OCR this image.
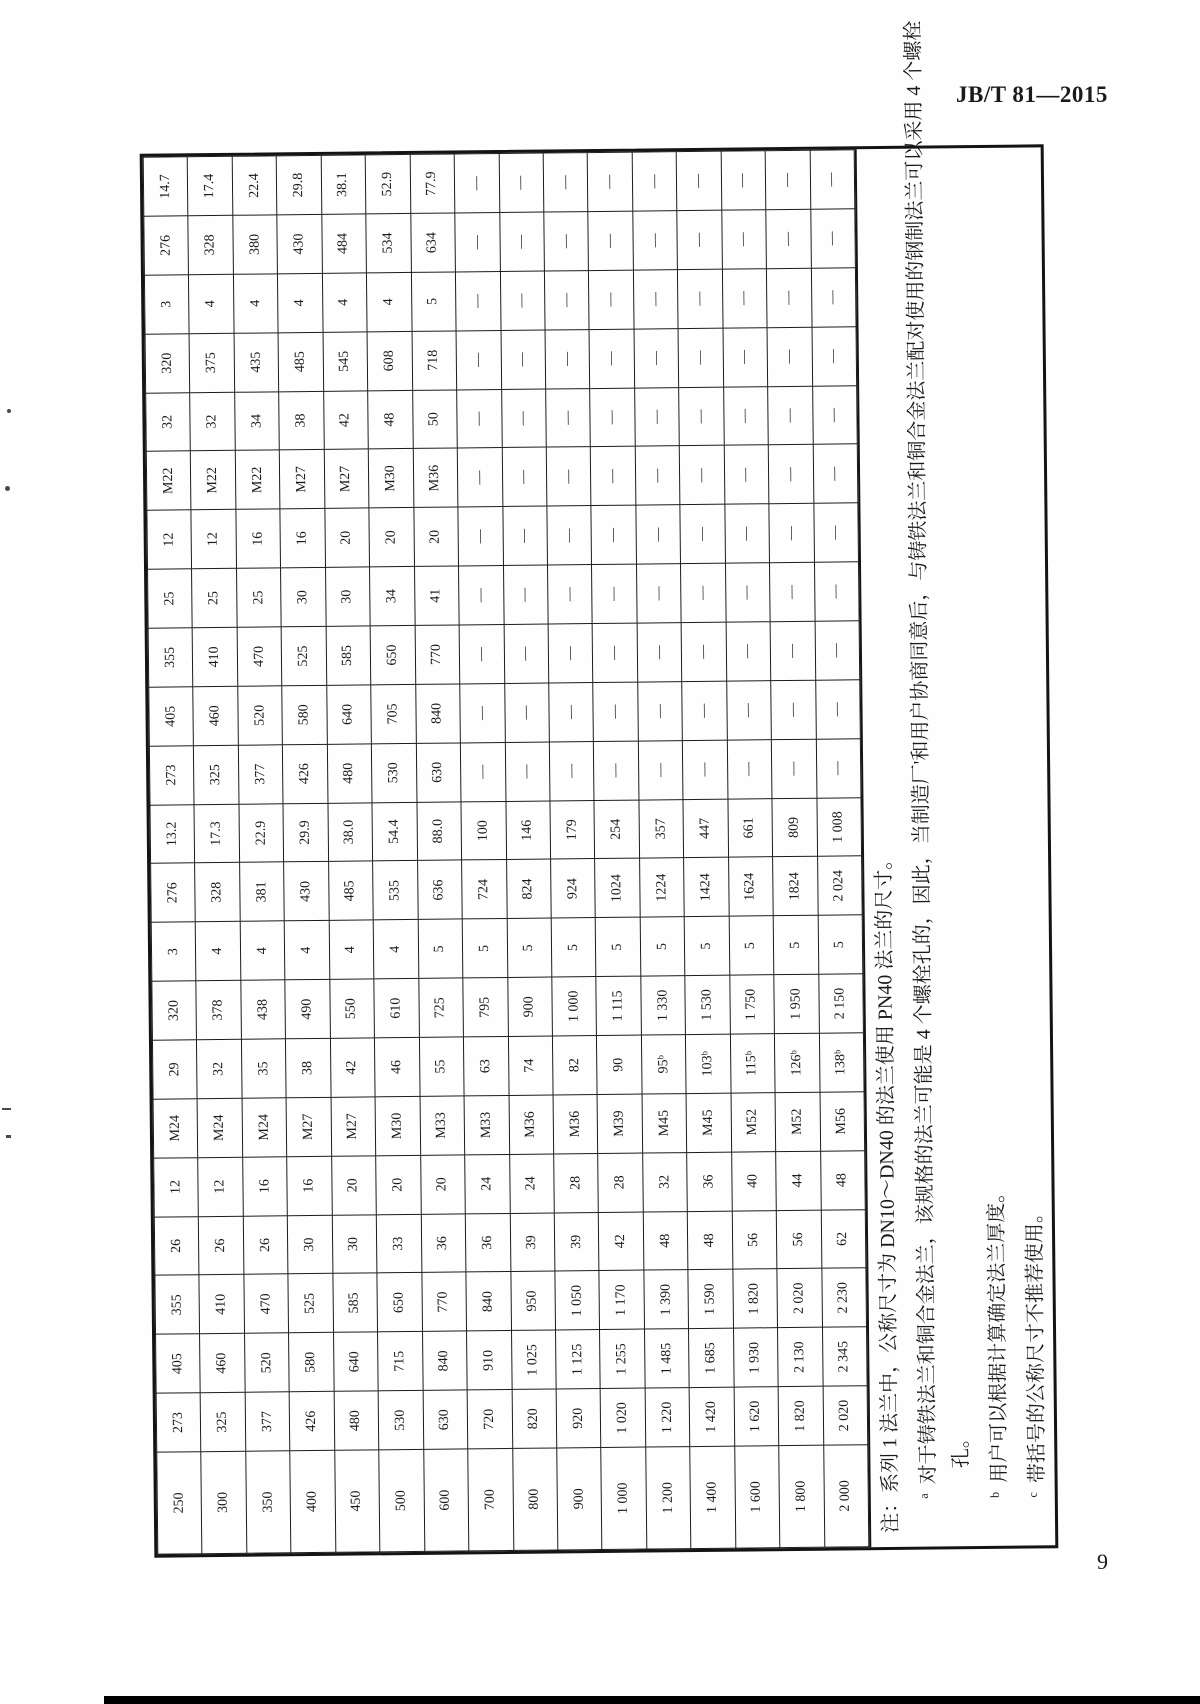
JB/T 81—2015
250	273	405	355	26	12	M24	29	320	3	276	13.2	273	405	355	25	12	M22	32	320	3	276	14.7
300	325	460	410	26	12	M24	32	378	4	328	17.3	325	460	410	25	12	M22	32	375	4	328	17.4
350	377	520	470	26	16	M24	35	438	4	381	22.9	377	520	470	25	16	M22	34	435	4	380	22.4
400	426	580	525	30	16	M27	38	490	4	430	29.9	426	580	525	30	16	M27	38	485	4	430	29.8
450	480	640	585	30	20	M27	42	550	4	485	38.0	480	640	585	30	20	M27	42	545	4	484	38.1
500	530	715	650	33	20	M30	46	610	4	535	54.4	530	705	650	34	20	M30	48	608	4	534	52.9
600	630	840	770	36	20	M33	55	725	5	636	88.0	630	840	770	41	20	M36	50	718	5	634	77.9
700	720	910	840	36	24	M33	63	795	5	724	100	—	—	—	—	—	—	—	—	—	—	—
800	820	1 025	950	39	24	M36	74	900	5	824	146	—	—	—	—	—	—	—	—	—	—	—
900	920	1 125	1 050	39	28	M36	82	1 000	5	924	179	—	—	—	—	—	—	—	—	—	—	—
1 000	1 020	1 255	1 170	42	28	M39	90	1 115	5	1024	254	—	—	—	—	—	—	—	—	—	—	—
1 200	1 220	1 485	1 390	48	32	M45	95ᵇ	1 330	5	1224	357	—	—	—	—	—	—	—	—	—	—	—
1 400	1 420	1 685	1 590	48	36	M45	103ᵇ	1 530	5	1424	447	—	—	—	—	—	—	—	—	—	—	—
1 600	1 620	1 930	1 820	56	40	M52	115ᵇ	1 750	5	1624	661	—	—	—	—	—	—	—	—	—	—	—
1 800	1 820	2 130	2 020	56	44	M52	126ᵇ	1 950	5	1824	809	—	—	—	—	—	—	—	—	—	—	—
2 000	2 020	2 345	2 230	62	48	M56	138ᵇ	2 150	5	2 024	1 008	—	—	—	—	—	—	—	—	—	—	—
注：系列 1 法兰中，公称尺寸为 DN10～DN40 的法兰使用 PN40 法兰的尺寸。	a对于铸铁法兰和铜合金法兰，该规格的法兰可能是 4 个螺栓孔的，因此，当制造厂'和用户协商同意后，与铸铁法兰和铜合金法兰配对使用的钢制法兰可以采用 4 个螺栓 孔。
b用户可以根据计算确定法兰厚度。
c带括号的公称尺寸不推荐使用。
9
